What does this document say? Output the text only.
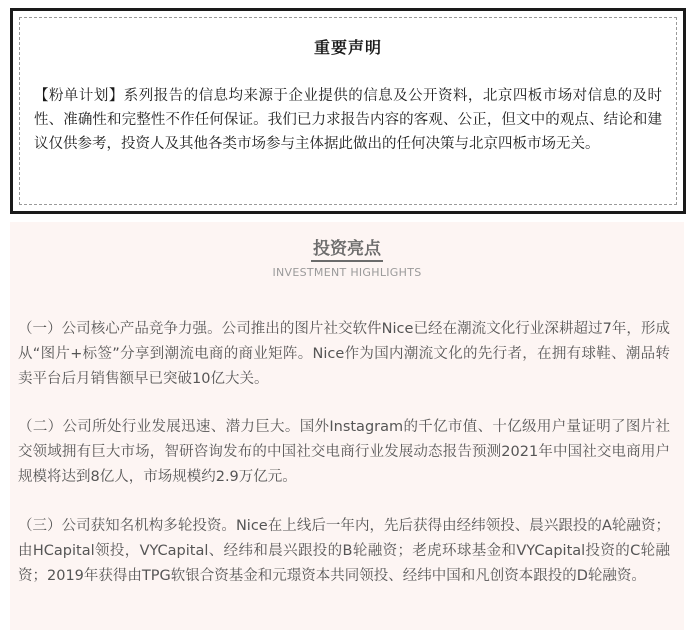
重要声明
【粉单计划】系列报告的信息均来源于企业提供的信息及公开资料，北京四板市场对信息的及时性、准确性和完整性不作任何保证。我们已力求报告内容的客观、公正，但文中的观点、结论和建议仅供参考，投资人及其他各类市场参与主体据此做出的任何决策与北京四板市场无关。
投资亮点
INVESTMENT HIGHLIGHTS
（一）公司核心产品竞争力强。公司推出的图片社交软件Nice已经在潮流文化行业深耕超过7年，形成从“图片+标签”分享到潮流电商的商业矩阵。Nice作为国内潮流文化的先行者，在拥有球鞋、潮品转卖平台后月销售额早已突破10亿大关。
（二）公司所处行业发展迅速、潜力巨大。国外Instagram的千亿市值、十亿级用户量证明了图片社交领域拥有巨大市场，智研咨询发布的中国社交电商行业发展动态报告预测2021年中国社交电商用户规模将达到8亿人，市场规模约2.9万亿元。
（三）公司获知名机构多轮投资。Nice在上线后一年内，先后获得由经纬领投、晨兴跟投的A轮融资；由HCapital领投，VYCapital、经纬和晨兴跟投的B轮融资；老虎环球基金和VYCapital投资的C轮融资；2019年获得由TPG软银合资基金和元璟资本共同领投、经纬中国和凡创资本跟投的D轮融资。
